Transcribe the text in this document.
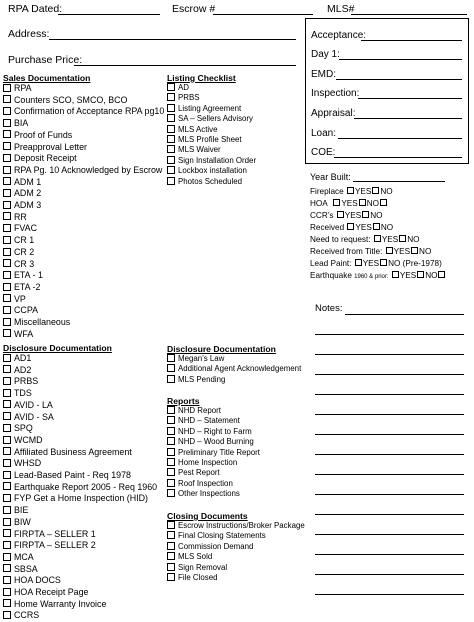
RPA Dated:	Escrow #	MLS#
Address:
Purchase Price:
Acceptance:
Day 1:
EMD:
Inspection:
Appraisal:
Loan:
COE:
Sales Documentation
RPA
Counters SCO, SMCO, BCO
Confirmation of Acceptance RPA pg10
BIA
Proof of Funds
Preapproval Letter
Deposit Receipt
RPA Pg. 10 Acknowledged by Escrow
ADM 1
ADM 2
ADM 3
RR
FVAC
CR 1
CR 2
CR 3
ETA - 1
ETA -2
VP
CCPA
Miscellaneous
WFA
Disclosure Documentation
AD1
AD2
PRBS
TDS
AVID - LA
AVID - SA
SPQ
WCMD
Affiliated Business Agreement
WHSD
Lead-Based Paint - Req 1978
Earthquake Report 2005 - Req 1960
FYP Get a Home Inspection (HID)
BIE
BIW
FIRPTA – SELLER 1
FIRPTA – SELLER 2
MCA
SBSA
HOA DOCS
HOA Receipt Page
Home Warranty Invoice
CCRS
Listing Checklist
AD
PRBS
Listing Agreement
SA – Sellers Advisory
MLS Active
MLS Profile Sheet
MLS Waiver
Sign Installation Order
Lockbox installation
Photos Scheduled
Disclosure Documentation
Megan’s Law
Additional Agent Acknowledgement
MLS Pending
Reports
NHD Report
NHD – Statement
NHD – Right to Farm
NHD – Wood Burning
Preliminary Title Report
Home Inspection
Pest Report
Roof Inspection
Other Inspections
Closing Documents
Escrow Instructions/Broker Package
Final Closing Statements
Commission Demand
MLS Sold
Sign Removal
File Closed
Year Built:
Fireplace YES NO
HOA YES NO
CCR’s YES NO
Received YES NO
Need to request: YES NO
Received from Title: YES NO
Lead Paint: YES NO (Pre-1978)
Earthquake 1960 & prior: YES NO
Notes:
